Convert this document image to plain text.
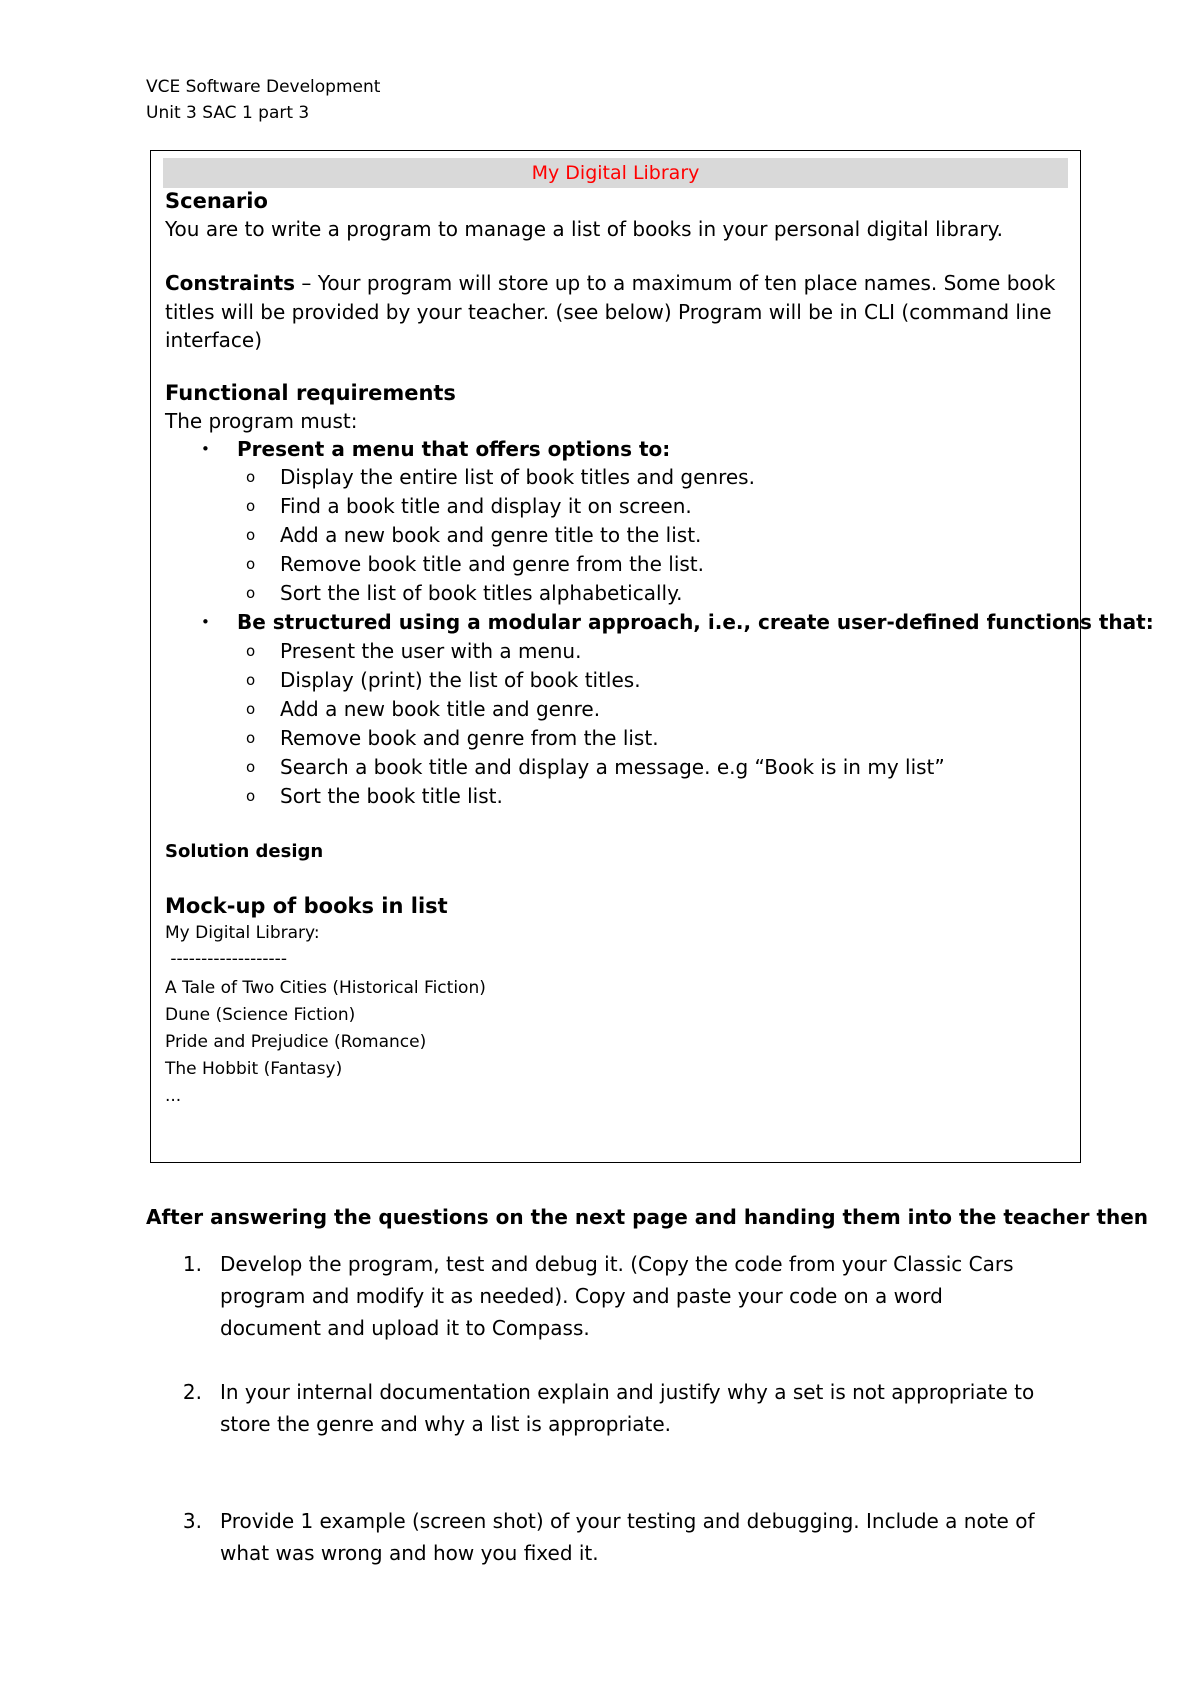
VCE Software Development
Unit 3 SAC 1 part 3
My Digital Library
Scenario
You are to write a program to manage a list of books in your personal digital library.
Constraints – Your program will store up to a maximum of ten place names. Some book
titles will be provided by your teacher. (see below) Program will be in CLI (command line
interface)
Functional requirements
The program must:
• Present a menu that offers options to:
o Display the entire list of book titles and genres.
o Find a book title and display it on screen.
o Add a new book and genre title to the list.
o Remove book title and genre from the list.
o Sort the list of book titles alphabetically.
• Be structured using a modular approach, i.e., create user-defined functions that:
o Present the user with a menu.
o Display (print) the list of book titles.
o Add a new book title and genre.
o Remove book and genre from the list.
o Search a book title and display a message. e.g “Book is in my list”
o Sort the book title list.
Solution design
Mock-up of books in list
My Digital Library:
-------------------
A Tale of Two Cities (Historical Fiction)
Dune (Science Fiction)
Pride and Prejudice (Romance)
The Hobbit (Fantasy)
...
After answering the questions on the next page and handing them into the teacher then
1. Develop the program, test and debug it. (Copy the code from your Classic Cars program and modify it as needed). Copy and paste your code on a word document and upload it to Compass.
2. In your internal documentation explain and justify why a set is not appropriate to store the genre and why a list is appropriate.
3. Provide 1 example (screen shot) of your testing and debugging. Include a note of what was wrong and how you fixed it.
